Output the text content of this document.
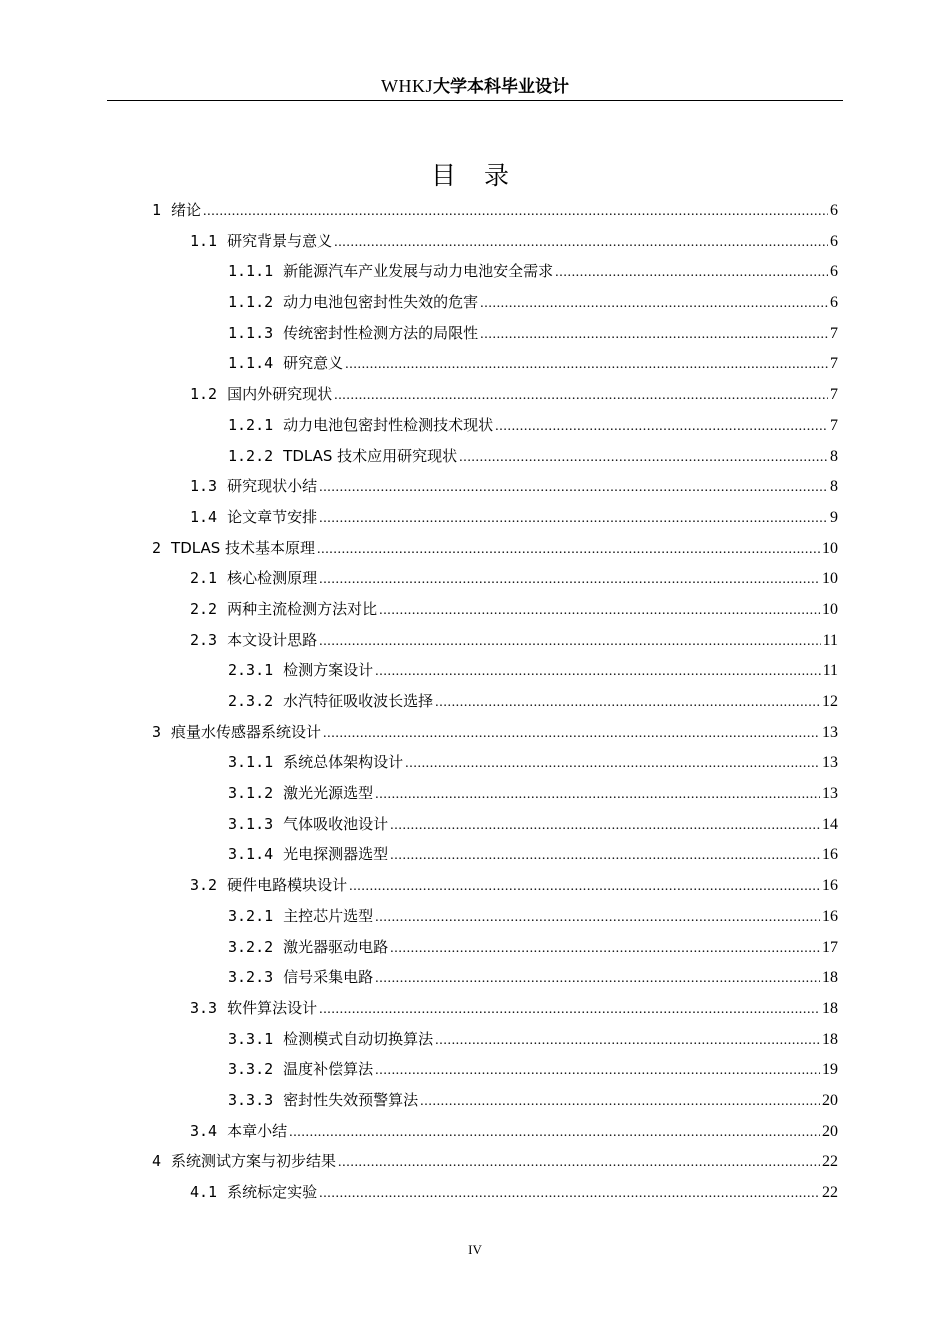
WHKJ大学本科毕业设计
目 录
1 绪论 .....	6
1.1 研究背景与意义 .....	6
1.1.1 新能源汽车产业发展与动力电池安全需求 .....	6
1.1.2 动力电池包密封性失效的危害 .....	6
1.1.3 传统密封性检测方法的局限性 .....	7
1.1.4 研究意义 .....	7
1.2 国内外研究现状 .....	7
1.2.1 动力电池包密封性检测技术现状 .....	7
1.2.2 TDLAS 技术应用研究现状 .....	8
1.3 研究现状小结 .....	8
1.4 论文章节安排 .....	9
2 TDLAS 技术基本原理 .....	10
2.1 核心检测原理 .....	10
2.2 两种主流检测方法对比 .....	10
2.3 本文设计思路 .....	11
2.3.1 检测方案设计 .....	11
2.3.2 水汽特征吸收波长选择 .....	12
3 痕量水传感器系统设计 .....	13
3.1.1 系统总体架构设计 .....	13
3.1.2 激光光源选型 .....	13
3.1.3 气体吸收池设计 .....	14
3.1.4 光电探测器选型 .....	16
3.2 硬件电路模块设计 .....	16
3.2.1 主控芯片选型 .....	16
3.2.2 激光器驱动电路 .....	17
3.2.3 信号采集电路 .....	18
3.3 软件算法设计 .....	18
3.3.1 检测模式自动切换算法 .....	18
3.3.2 温度补偿算法 .....	19
3.3.3 密封性失效预警算法 .....	20
3.4 本章小结 .....	20
4 系统测试方案与初步结果 .....	22
4.1 系统标定实验 .....	22
IV
